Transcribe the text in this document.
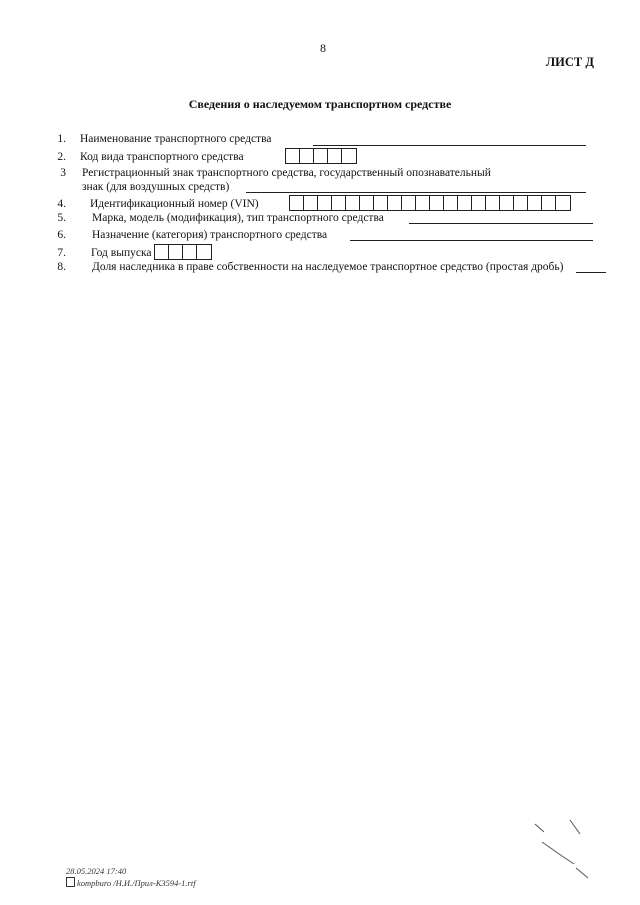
8
ЛИСТ Д
Сведения о наследуемом транспортном средстве
1. Наименование транспортного средства
2. Код вида транспортного средства
3 Регистрационный знак транспортного средства, государственный опознавательный
знак (для воздушных средств)
4. Идентификационный номер (VIN)
5. Марка, модель (модификация), тип транспортного средства
6. Назначение (категория) транспортного средства
7. Год выпуска
8. Доля наследника в праве собственности на наследуемое транспортное средство (простая дробь)
28.05.2024 17:40
kompburo /Н.И./Прил-К3594-1.rtf
